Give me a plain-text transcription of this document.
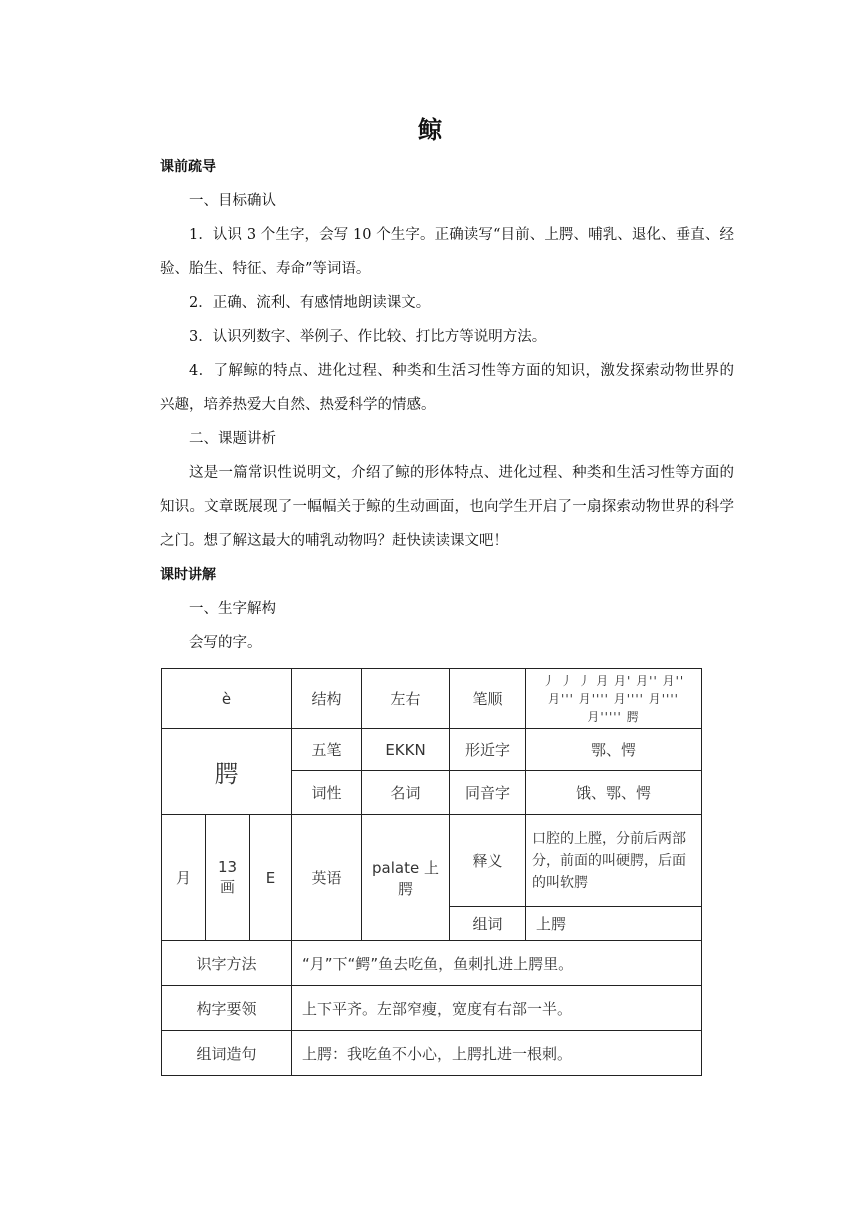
鲸

课前疏导

一、目标确认

1．认识 3 个生字，会写 10 个生字。正确读写“目前、上腭、哺乳、退化、垂直、经验、胎生、特征、寿命”等词语。

2．正确、流利、有感情地朗读课文。

3．认识列数字、举例子、作比较、打比方等说明方法。

4．了解鲸的特点、进化过程、种类和生活习性等方面的知识，激发探索动物世界的兴趣，培养热爱大自然、热爱科学的情感。

二、课题讲析

这是一篇常识性说明文，介绍了鲸的形体特点、进化过程、种类和生活习性等方面的知识。文章既展现了一幅幅关于鲸的生动画面，也向学生开启了一扇探索动物世界的科学之门。想了解这最大的哺乳动物吗？赶快读读课文吧！

课时讲解

一、生字解构

会写的字。

è			结构	左右	笔顺	丿 丿 丿 月 月' 月'' 月''
月''' 月'''' 月'''' 月'''' 月''''' 腭

腭			五笔	EKKN	形近字	鄂、愕
			词性	名词	同音字	饿、鄂、愕
月	13 画	E	英语	palate 上腭	释义	口腔的上膛，分前后两部分，前面的叫硬腭，后面的叫软腭
					组词	上腭
识字方法			“月”下“鳄”鱼去吃鱼，鱼刺扎进上腭里。			
构字要领			上下平齐。左部窄瘦，宽度有右部一半。			
组词造句			上腭：我吃鱼不小心，上腭扎进一根刺。			
